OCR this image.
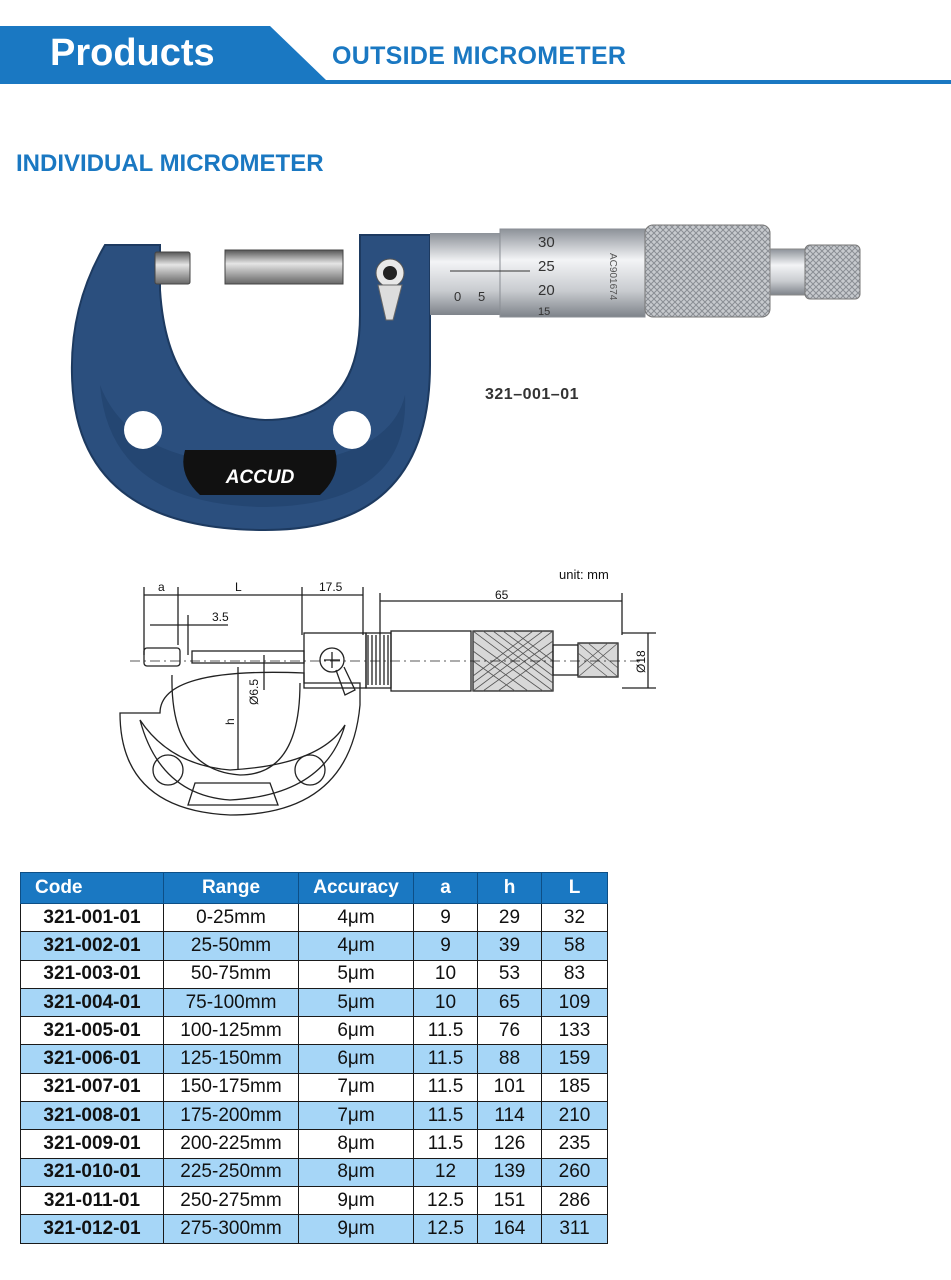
Products	OUTSIDE MICROMETER
INDIVIDUAL MICROMETER
ACCUD
0 5
30
25
20
15
AC901674
321–001–01
a	L	17.5
65
3.5
Ø6.5
h
Ø18
unit: mm
Code	Range	Accuracy	a	h	L
321-001-01	0-25mm	4μm	9	29	32
321-002-01	25-50mm	4μm	9	39	58
321-003-01	50-75mm	5μm	10	53	83
321-004-01	75-100mm	5μm	10	65	109
321-005-01	100-125mm	6μm	11.5	76	133
321-006-01	125-150mm	6μm	11.5	88	159
321-007-01	150-175mm	7μm	11.5	101	185
321-008-01	175-200mm	7μm	11.5	114	210
321-009-01	200-225mm	8μm	11.5	126	235
321-010-01	225-250mm	8μm	12	139	260
321-011-01	250-275mm	9μm	12.5	151	286
321-012-01	275-300mm	9μm	12.5	164	311
